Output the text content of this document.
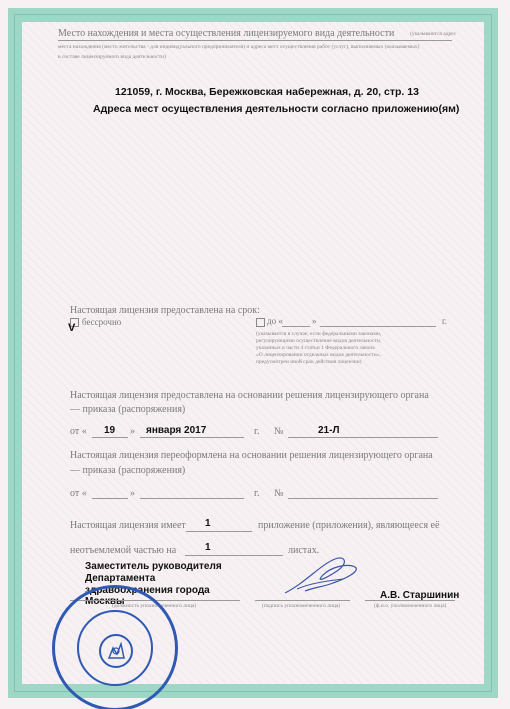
Место нахождения и места осуществления лицензируемого вида деятельности	(указываются адрес
места нахождения (место жительства - для индивидуального предпринимателя) и адреса мест осуществления работ (услуг), выполняемых (оказываемых)
в составе лицензируемого вида деятельности)
121059, г. Москва, Бережковская набережная, д. 20, стр. 13
Адреса мест осуществления деятельности согласно приложению(ям)
Настоящая лицензия предоставлена на срок:
V бессрочно	до «	»	г.
(указывается в случае, если федеральными законами,
регулирующими осуществление видов деятельности,
указанных в части 4 статьи 1 Федерального закона
«О лицензировании отдельных видов деятельности»,
предусмотрен иной срок действия лицензии)
Настоящая лицензия предоставлена на основании решения лицензирующего органа
— приказа (распоряжения)
от « 19 » января 2017	г. №	21-Л
Настоящая лицензия переоформлена на основании решения лицензирующего органа
— приказа (распоряжения)
от «	»	г. №
Настоящая лицензия имеет 1	приложение (приложения), являющееся её
неотъемлемой частью на	1	листах.
Заместитель руководителя
Департамента
здравоохранения города
Москвы
(должность уполномоченного лица)	(подпись уполномоченного лица)
А.В. Старшинин
(ф.и.о. уполномоченного лица)
